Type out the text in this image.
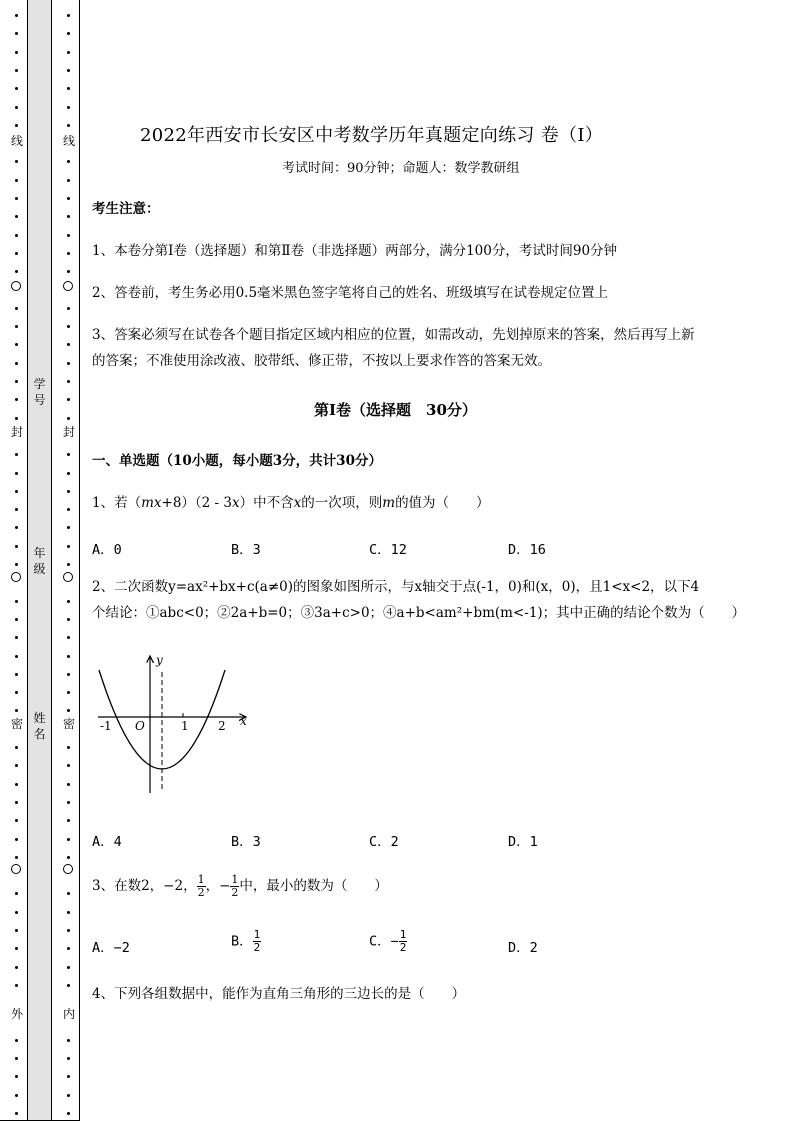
线
封
密
外
学号
年级
姓名
线
封
密
内
2022年西安市长安区中考数学历年真题定向练习 卷（Ⅰ）
考试时间：90分钟；命题人：数学教研组
考生注意：
1、本卷分第Ⅰ卷（选择题）和第Ⅱ卷（非选择题）两部分，满分100分，考试时间90分钟
2、答卷前，考生务必用0.5毫米黑色签字笔将自己的姓名、班级填写在试卷规定位置上
3、答案必须写在试卷各个题目指定区域内相应的位置，如需改动，先划掉原来的答案，然后再写上新
的答案；不准使用涂改液、胶带纸、修正带，不按以上要求作答的答案无效。
第Ⅰ卷（选择题　30分）
一、单选题（10小题，每小题3分，共计30分）
1、若（mx+8）（2 - 3x）中不含x的一次项，则m的值为（　　）
A．0	B．3	C．12	D．16
2、二次函数y=ax²+bx+c(a≠0)的图象如图所示，与x轴交于点(-1，0)和(x，0)，且1<x<2，以下4
个结论：①abc<0；②2a+b=0；③3a+c>0；④a+b<am²+bm(m<-1)；其中正确的结论个数为（　　）
y
x
O
-1	1 2
A．4	B．3	C．2	D．1
3、在数2，−2， $\frac{1}{2}$ ，− $\frac{1}{2}$ 中，最小的数为（　　）
A．−2	B． $\frac{1}{2}$	C．− $\frac{1}{2}$	D．2
4、下列各组数据中，能作为直角三角形的三边长的是（　　）
